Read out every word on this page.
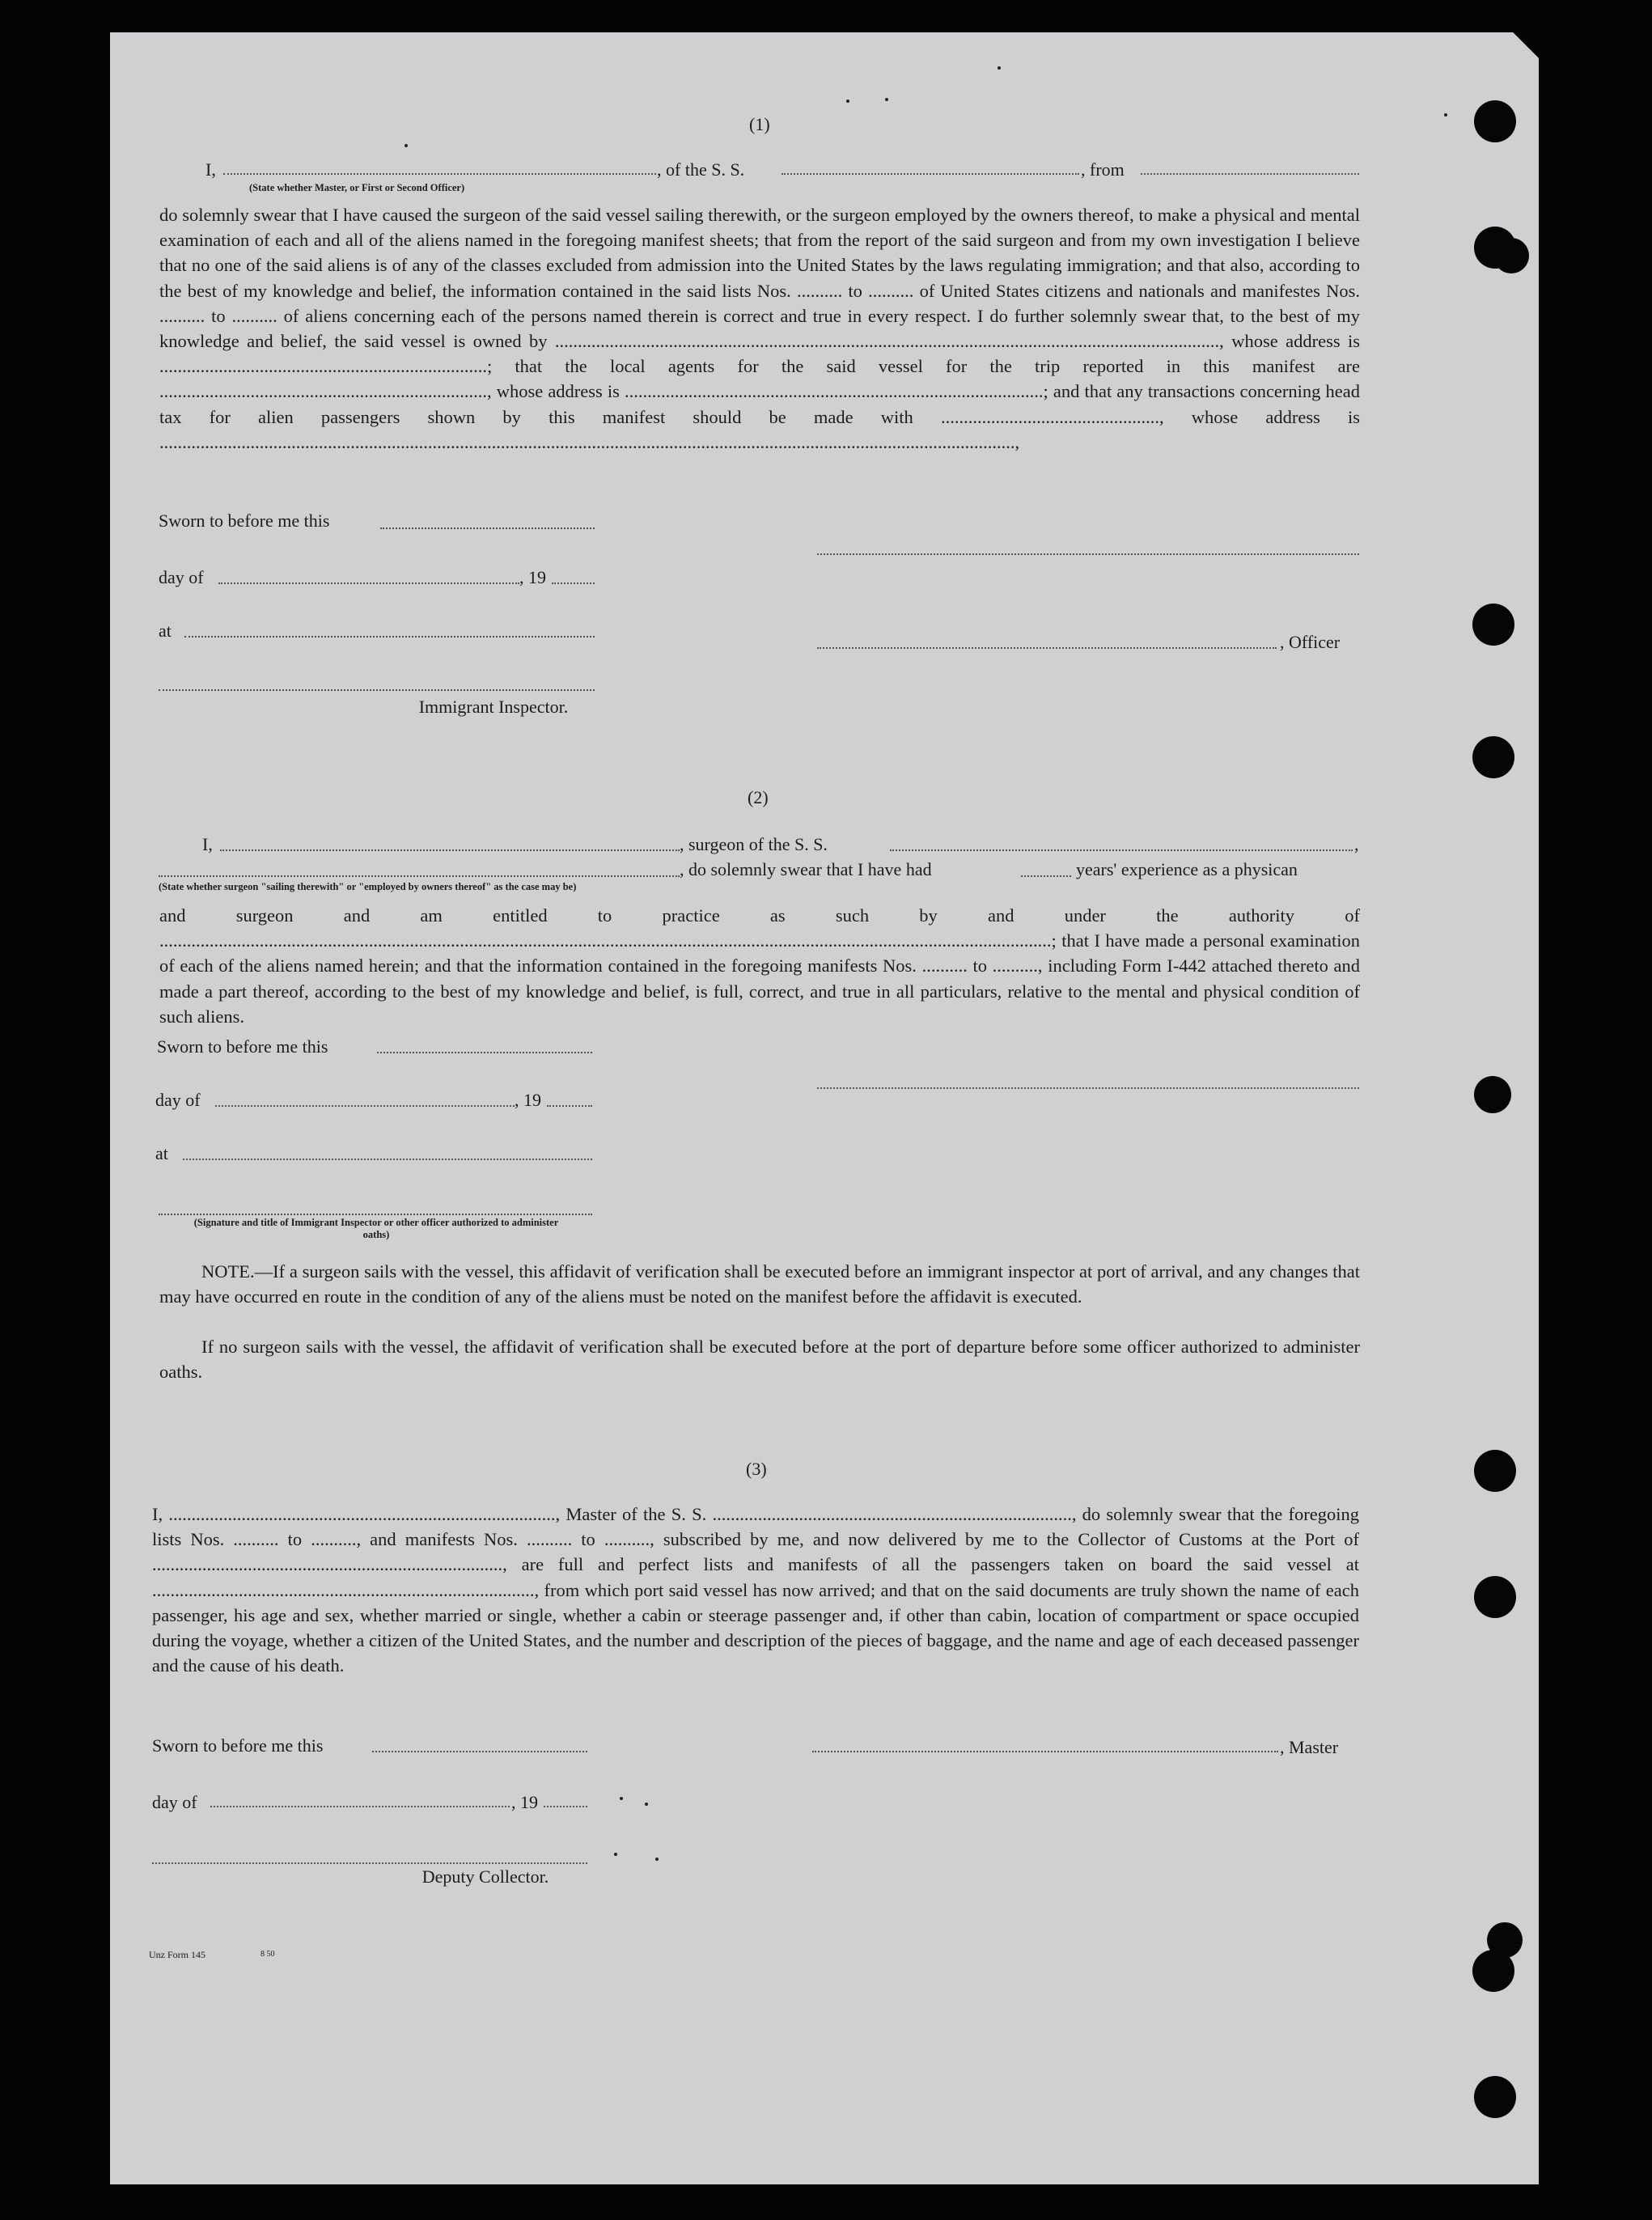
(1)
I,	, of the S. S.	, from
(State whether Master, or First or Second Officer)
do solemnly swear that I have caused the surgeon of the said vessel sailing therewith, or the surgeon employed by the owners thereof, to make a physical and mental examination of each and all of the aliens named in the foregoing manifest sheets; that from the report of the said surgeon and from my own investigation I believe that no one of the said aliens is of any of the classes excluded from admission into the United States by the laws regulating immigration; and that also, according to the best of my knowledge and belief, the information contained in the said lists Nos. .......... to .......... of United States citizens and nationals and manifestes Nos. .......... to .......... of aliens concerning each of the persons named therein is correct and true in every respect. I do further solemnly swear that, to the best of my knowledge and belief, the said vessel is owned by .................................................................................................................................................., whose address is ........................................................................; that the local agents for the said vessel for the trip reported in this manifest are ........................................................................, whose address is ............................................................................................; and that any transactions concerning head tax for alien passengers shown by this manifest should be made with ................................................, whose address is ............................................................................................................................................................................................,
Sworn to before me this
day of	, 19
at
, Officer
Immigrant Inspector.
(2)
I,	, surgeon of the S. S.	,
, do solemnly swear that I have had	years' experience as a physican
(State whether surgeon "sailing therewith" or "employed by owners thereof" as the case may be)
and surgeon and am entitled to practice as such by and under the authority of ....................................................................................................................................................................................................; that I have made a personal examination of each of the aliens named herein; and that the information contained in the foregoing manifests Nos. .......... to .........., including Form I-442 attached thereto and made a part thereof, according to the best of my knowledge and belief, is full, correct, and true in all particulars, relative to the mental and physical condition of such aliens.
Sworn to before me this
day of	, 19
at
(Signature and title of Immigrant Inspector or other officer authorized to administer oaths)
NOTE.—If a surgeon sails with the vessel, this affidavit of verification shall be executed before an immigrant inspector at port of arrival, and any changes that may have occurred en route in the condition of any of the aliens must be noted on the manifest before the affidavit is executed.
If no surgeon sails with the vessel, the affidavit of verification shall be executed before at the port of departure before some officer authorized to administer oaths.
(3)
I, ....................................................................................., Master of the S. S. ..............................................................................., do solemnly swear that the foregoing lists Nos. .......... to .........., and manifests Nos. .......... to .........., subscribed by me, and now delivered by me to the Collector of Customs at the Port of ............................................................................., are full and perfect lists and manifests of all the passengers taken on board the said vessel at ...................................................................................., from which port said vessel has now arrived; and that on the said documents are truly shown the name of each passenger, his age and sex, whether married or single, whether a cabin or steerage passenger and, if other than cabin, location of compartment or space occupied during the voyage, whether a citizen of the United States, and the number and description of the pieces of baggage, and the name and age of each deceased passenger and the cause of his death.
Sworn to before me this	, Master
day of	, 19
Deputy Collector.
Unz Form 145	8 50
